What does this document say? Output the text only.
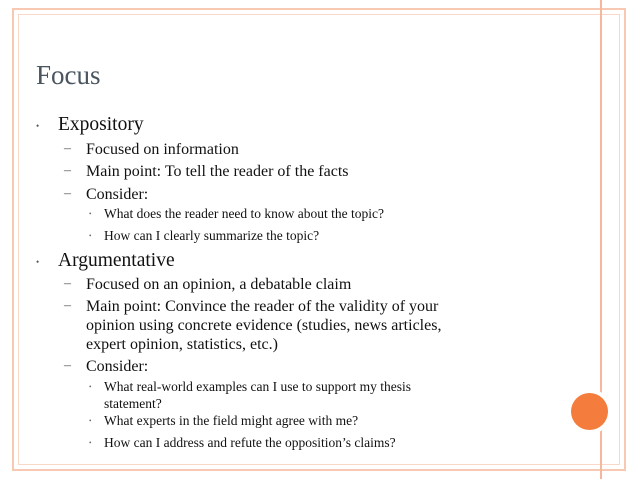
Focus
• Expository
– Focused on information
– Main point: To tell the reader of the facts
– Consider:
• What does the reader need to know about the topic?
• How can I clearly summarize the topic?
• Argumentative
– Focused on an opinion, a debatable claim
– Main point: Convince the reader of the validity of your
opinion using concrete evidence (studies, news articles,
expert opinion, statistics, etc.)
– Consider:
• What real-world examples can I use to support my thesis
statement?
• What experts in the field might agree with me?
• How can I address and refute the opposition’s claims?
